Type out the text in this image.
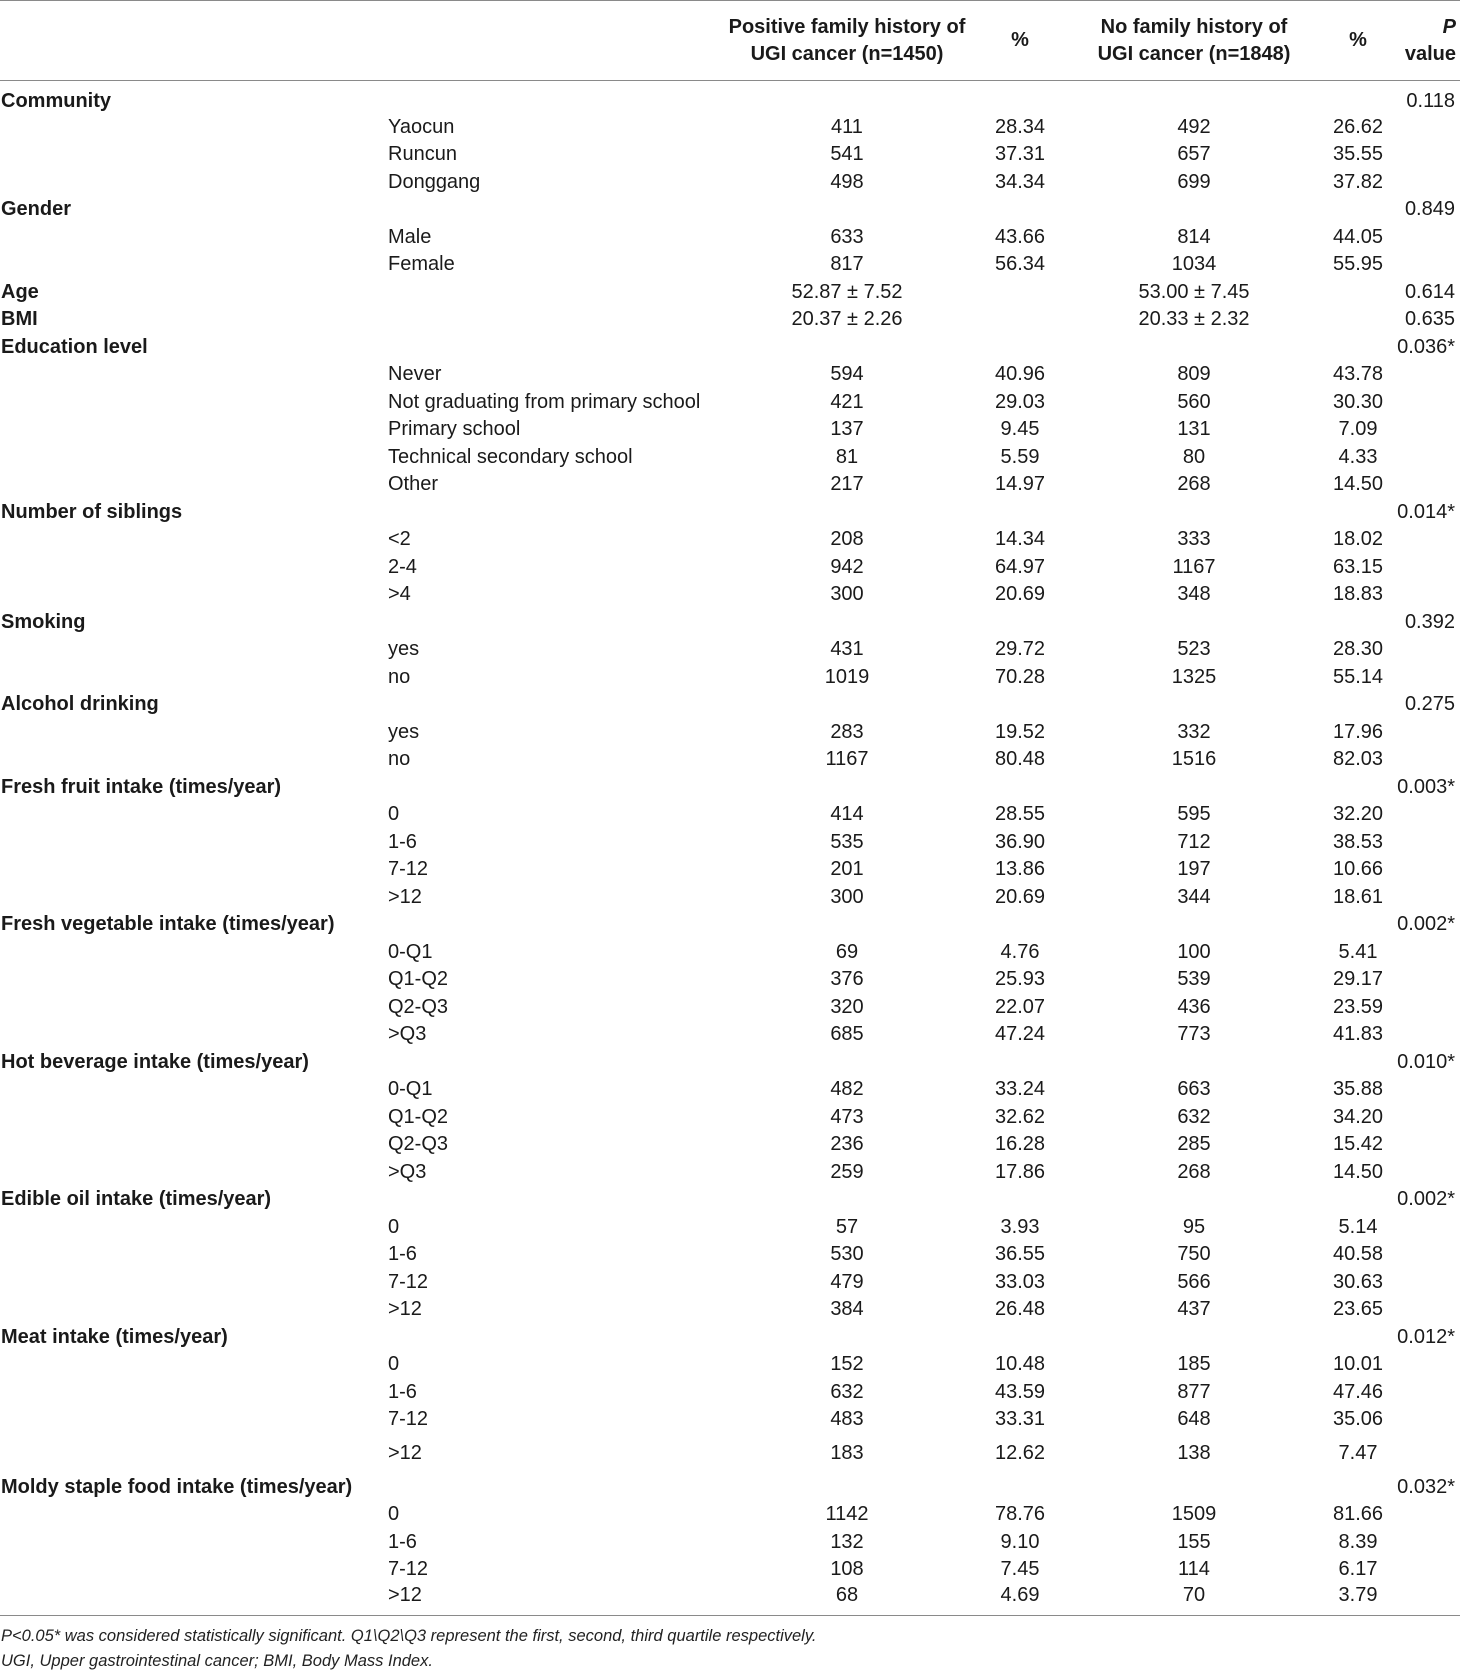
		Positive family history of
UGI cancer (n=1450)	%	No family history of
UGI cancer (n=1848)	%	P value
Community						0.118
	Yaocun	411	28.34	492	26.62	
	Runcun	541	37.31	657	35.55	
	Donggang	498	34.34	699	37.82	
Gender						0.849
	Male	633	43.66	814	44.05	
	Female	817	56.34	1034	55.95	
Age		52.87 ± 7.52		53.00 ± 7.45		0.614
BMI		20.37 ± 2.26		20.33 ± 2.32		0.635
Education level						0.036*
	Never	594	40.96	809	43.78	
	Not graduating from primary school	421	29.03	560	30.30	
	Primary school	137	9.45	131	7.09	
	Technical secondary school	81	5.59	80	4.33	
	Other	217	14.97	268	14.50	
Number of siblings						0.014*
	<2	208	14.34	333	18.02	
	2-4	942	64.97	1167	63.15	
	>4	300	20.69	348	18.83	
Smoking						0.392
	yes	431	29.72	523	28.30	
	no	1019	70.28	1325	55.14	
Alcohol drinking						0.275
	yes	283	19.52	332	17.96	
	no	1167	80.48	1516	82.03	
Fresh fruit intake (times/year)						0.003*
	0	414	28.55	595	32.20	
	1-6	535	36.90	712	38.53	
	7-12	201	13.86	197	10.66	
	>12	300	20.69	344	18.61	
Fresh vegetable intake (times/year)						0.002*
	0-Q1	69	4.76	100	5.41	
	Q1-Q2	376	25.93	539	29.17	
	Q2-Q3	320	22.07	436	23.59	
	>Q3	685	47.24	773	41.83	
Hot beverage intake (times/year)						0.010*
	0-Q1	482	33.24	663	35.88	
	Q1-Q2	473	32.62	632	34.20	
	Q2-Q3	236	16.28	285	15.42	
	>Q3	259	17.86	268	14.50	
Edible oil intake (times/year)						0.002*
	0	57	3.93	95	5.14	
	1-6	530	36.55	750	40.58	
	7-12	479	33.03	566	30.63	
	>12	384	26.48	437	23.65	
Meat intake (times/year)						0.012*
	0	152	10.48	185	10.01	
	1-6	632	43.59	877	47.46	
	7-12	483	33.31	648	35.06	
	>12	183	12.62	138	7.47	
Moldy staple food intake (times/year)						0.032*
	0	1142	78.76	1509	81.66	
	1-6	132	9.10	155	8.39	
	7-12	108	7.45	114	6.17	
	>12	68	4.69	70	3.79	
P<0.05* was considered statistically significant. Q1\Q2\Q3 represent the first, second, third quartile respectively.
UGI, Upper gastrointestinal cancer; BMI, Body Mass Index.
